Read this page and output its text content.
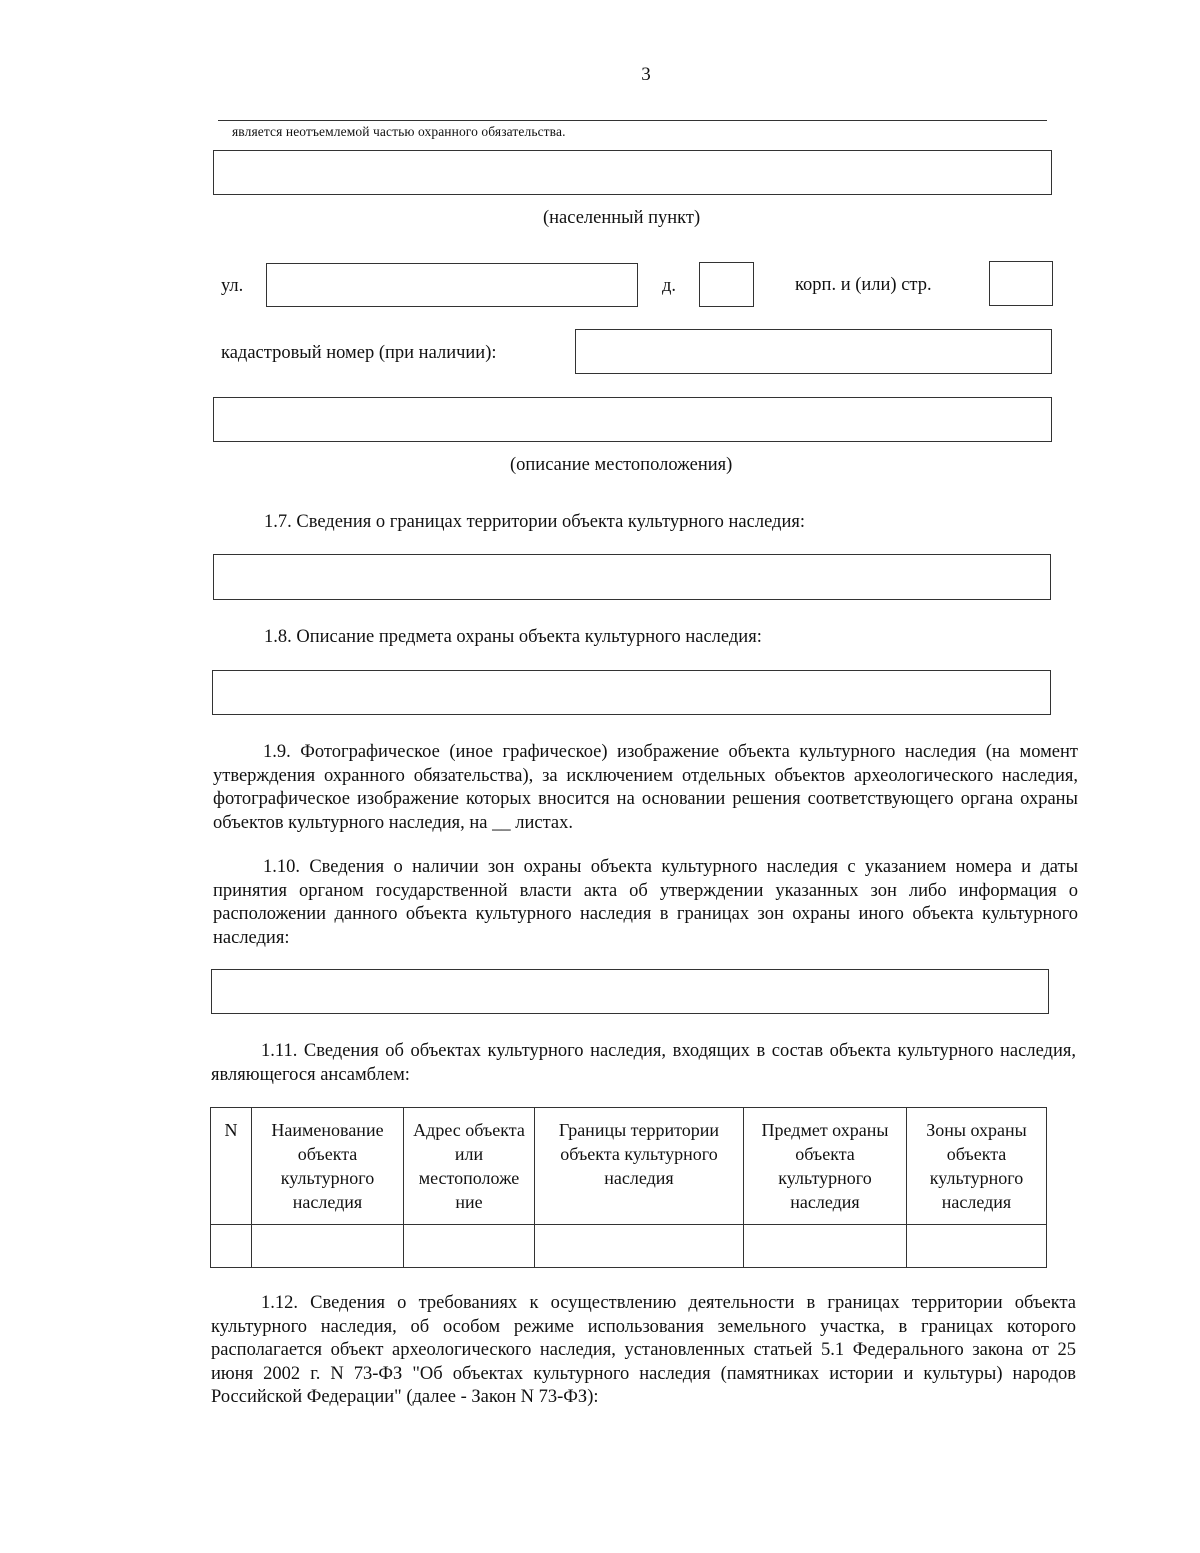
3
является неотъемлемой частью охранного обязательства.
(населенный пункт)
ул.	д.	корп. и (или) стр.
кадастровый номер (при наличии):
(описание местоположения)
1.7. Сведения о границах территории объекта культурного наследия:
1.8. Описание предмета охраны объекта культурного наследия:
1.9. Фотографическое (иное графическое) изображение объекта культурного наследия (на момент утверждения охранного обязательства), за исключением отдельных объектов археологического наследия, фотографическое изображение которых вносится на основании решения соответствующего органа охраны объектов культурного наследия, на __ листах.
1.10. Сведения о наличии зон охраны объекта культурного наследия с указанием номера и даты принятия органом государственной власти акта об утверждении указанных зон либо информация о расположении данного объекта культурного наследия в границах зон охраны иного объекта культурного наследия:
1.11. Сведения об объектах культурного наследия, входящих в состав объекта культурного наследия, являющегося ансамблем:
N	Наименование объекта культурного наследия	Адрес объекта или местоположе ние	Границы территории объекта культурного наследия	Предмет охраны объекта культурного наследия	Зоны охраны объекта культурного наследия

1.12. Сведения о требованиях к осуществлению деятельности в границах территории объекта культурного наследия, об особом режиме использования земельного участка, в границах которого располагается объект археологического наследия, установленных статьей 5.1 Федерального закона от 25 июня 2002 г. N 73-ФЗ "Об объектах культурного наследия (памятниках истории и культуры) народов Российской Федерации" (далее - Закон N 73-ФЗ):
